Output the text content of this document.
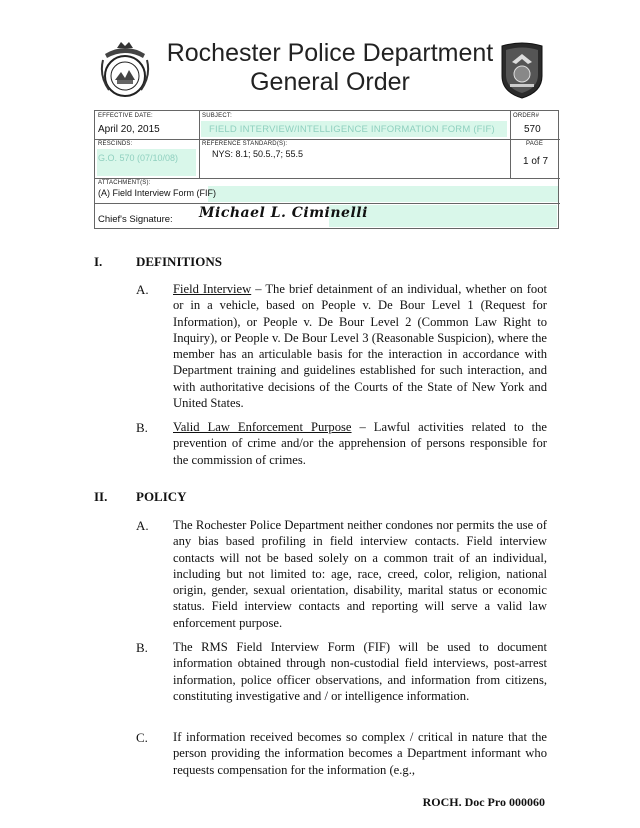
Rochester Police Department
General Order
EFFECTIVE DATE:
April 20, 2015
SUBJECT:
FIELD INTERVIEW/INTELLIGENCE INFORMATION FORM (FIF)
ORDER#
570
RESCINDS:
G.O. 570 (07/10/08)
REFERENCE STANDARD(S):
NYS: 8.1; 50.5.,7; 55.5
PAGE
1 of 7
ATTACHMENT(S):
(A) Field Interview Form (FIF)
Chief's Signature: Michael L. Ciminelli
I.	DEFINITIONS
A. Field Interview – The brief detainment of an individual, whether on foot or in a vehicle, based on People v. De Bour Level 1 (Request for Information), or People v. De Bour Level 2 (Common Law Right to Inquiry), or People v. De Bour Level 3 (Reasonable Suspicion), where the member has an articulable basis for the interaction in accordance with Department training and guidelines established for such interaction, and with authoritative decisions of the Courts of the State of New York and United States.
B. Valid Law Enforcement Purpose – Lawful activities related to the prevention of crime and/or the apprehension of persons responsible for the commission of crimes.
II. POLICY
A. The Rochester Police Department neither condones nor permits the use of any bias based profiling in field interview contacts. Field interview contacts will not be based solely on a common trait of an individual, including but not limited to: age, race, creed, color, religion, national origin, gender, sexual orientation, disability, marital status or economic status. Field interview contacts and reporting will serve a valid law enforcement purpose.
B. The RMS Field Interview Form (FIF) will be used to document information obtained through non-custodial field interviews, post-arrest information, police officer observations, and information from citizens, constituting investigative and / or intelligence information.
C. If information received becomes so complex / critical in nature that the person providing the information becomes a Department informant who requests compensation for the information (e.g.,
ROCH. Doc Pro 000060
